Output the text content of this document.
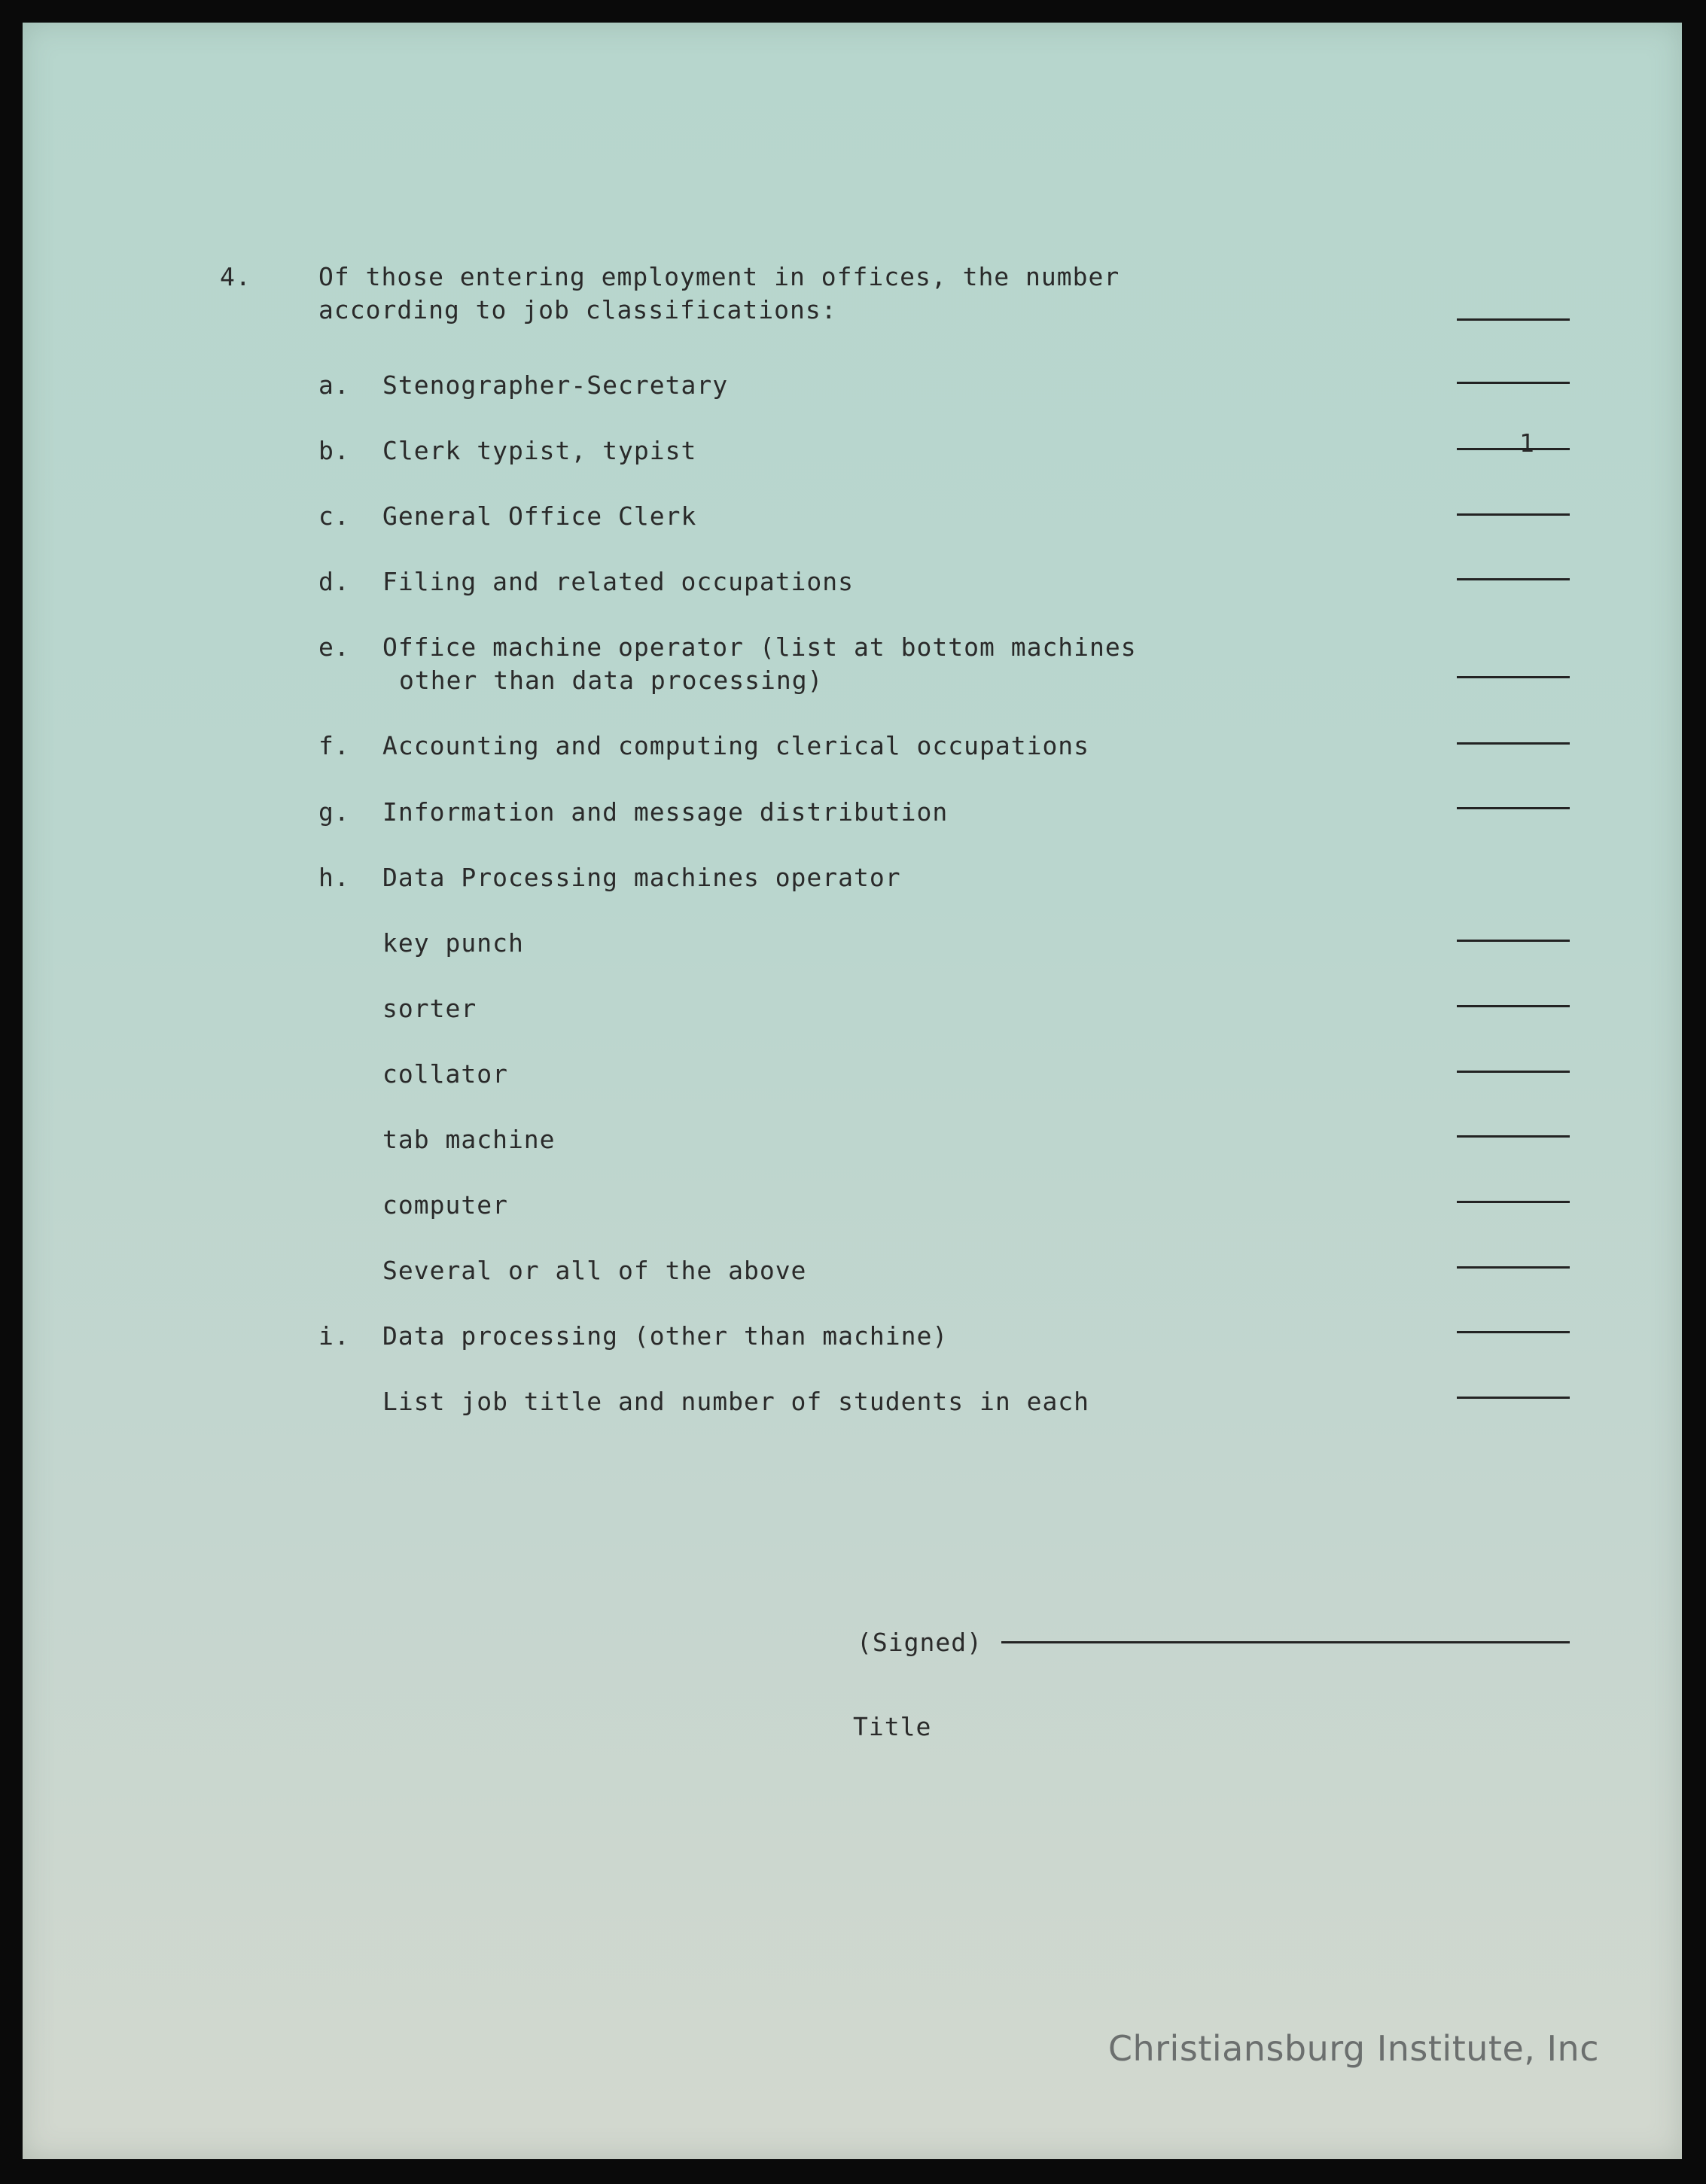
4.	Of those entering employment in offices, the number
according to job classifications:
a. Stenographer-Secretary
b. Clerk typist, typist	1
c. General Office Clerk
d. Filing and related occupations
e. Office machine operator (list at bottom machines
other than data processing)
f. Accounting and computing clerical occupations
g. Information and message distribution
h. Data Processing machines operator
key punch
sorter
collator
tab machine
computer
Several or all of the above
i. Data processing (other than machine)
List job title and number of students in each
(Signed)
Title
Christiansburg Institute, Inc
